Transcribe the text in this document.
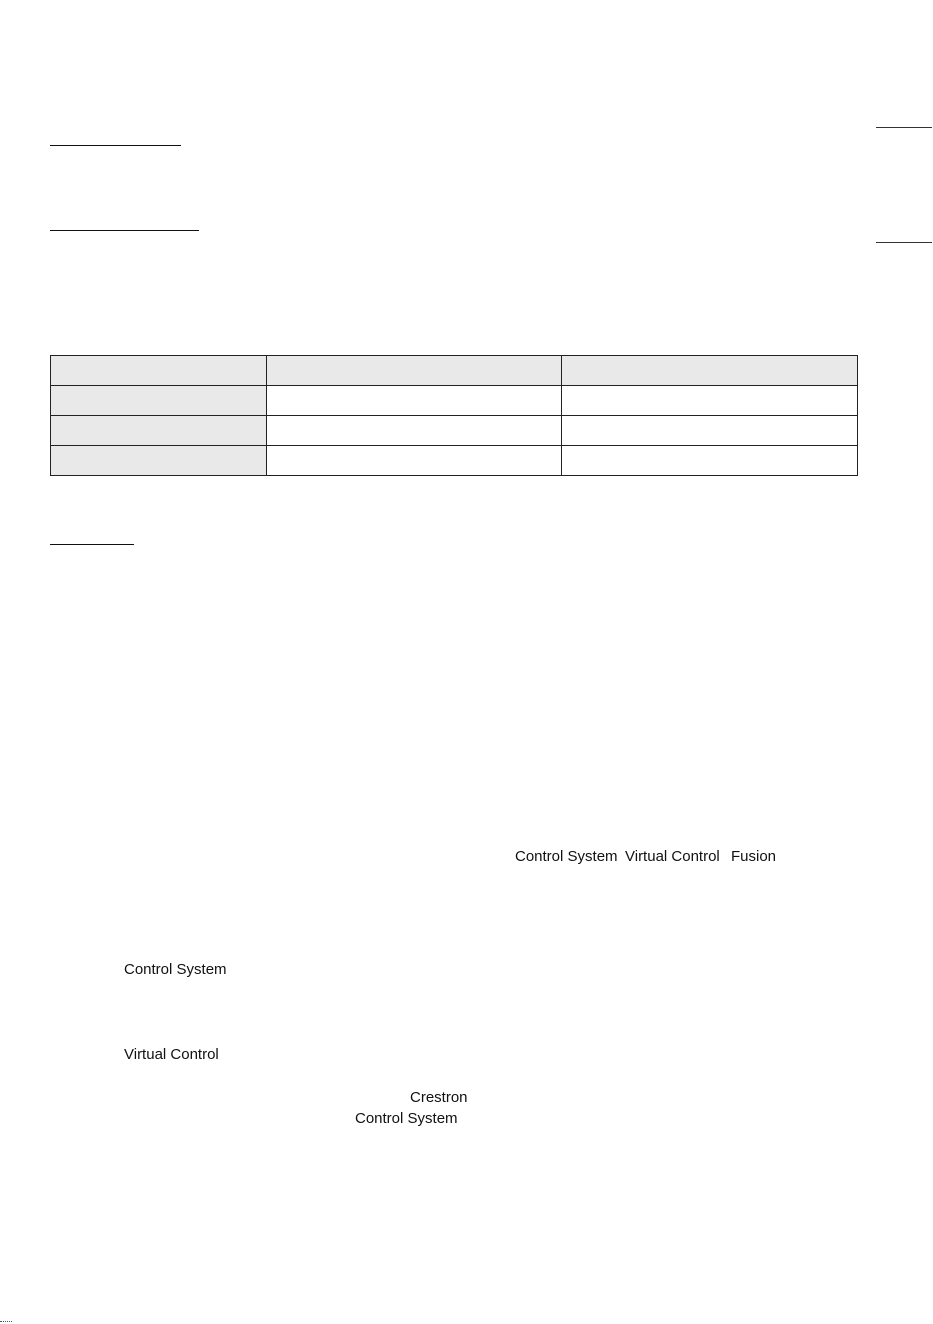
Control System Virtual Control Fusion
Control System
Virtual Control
Crestron
Control System
